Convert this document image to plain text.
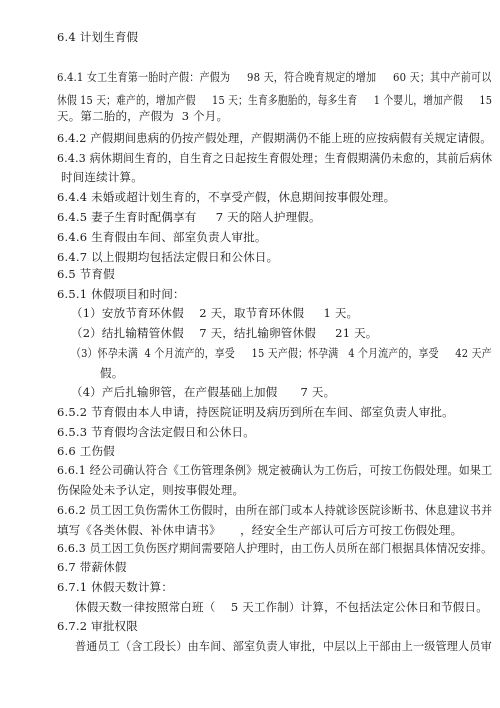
6.4 计划生育假
6.4.1 女工生育第一胎时产假：产假为     98 天，符合晚育规定的增加     60 天；其中产前可以
休假 15 天；难产的，增加产假     15 天；生育多胞胎的，每多生育     1 个婴儿，增加产假     15
天。第二胎的，产假为  3 个月。
6.4.2 产假期间患病的仍按产假处理，产假期满仍不能上班的应按病假有关规定请假。
6.4.3 病休期间生育的，自生育之日起按生育假处理；生育假期满仍未愈的，其前后病休
时间连续计算。
6.4.4 未婚或超计划生育的，不享受产假，休息期间按事假处理。
6.4.5 妻子生育时配偶享有     7 天的陪人护理假。
6.4.6 生育假由车间、部室负责人审批。
6.4.7 以上假期均包括法定假日和公休日。
6.5 节育假
6.5.1 休假项目和时间：
（1）安放节育环休假    2 天，取节育环休假     1 天。
（2）结扎输精管休假    7 天，结扎输卵管休假     21 天。
（3）怀孕未满  4 个月流产的，享受     15 天产假；怀孕满   4 个月流产的，享受     42 天产
假。
（4）产后扎输卵管，在产假基础上加假      7 天。
6.5.2 节育假由本人申请，持医院证明及病历到所在车间、部室负责人审批。
6.5.3 节育假均含法定假日和公休日。
6.6 工伤假
6.6.1 经公司确认符合《工伤管理条例》规定被确认为工伤后，可按工伤假处理。如果工
伤保险处未予认定，则按事假处理。
6.6.2 员工因工负伤需休工伤假时，由所在部门或本人持就诊医院诊断书、休息建议书并
填写《各类休假、补休申请书》     ，经安全生产部认可后方可按工伤假处理。
6.6.3 员工因工负伤医疗期间需要陪人护理时，由工伤人员所在部门根据具体情况安排。
6.7 带薪休假
6.7.1 休假天数计算：
休假天数一律按照常白班（    5 天工作制）计算，不包括法定公休日和节假日。
6.7.2 审批权限
普通员工（含工段长）由车间、部室负责人审批，中层以上干部由上一级管理人员审
